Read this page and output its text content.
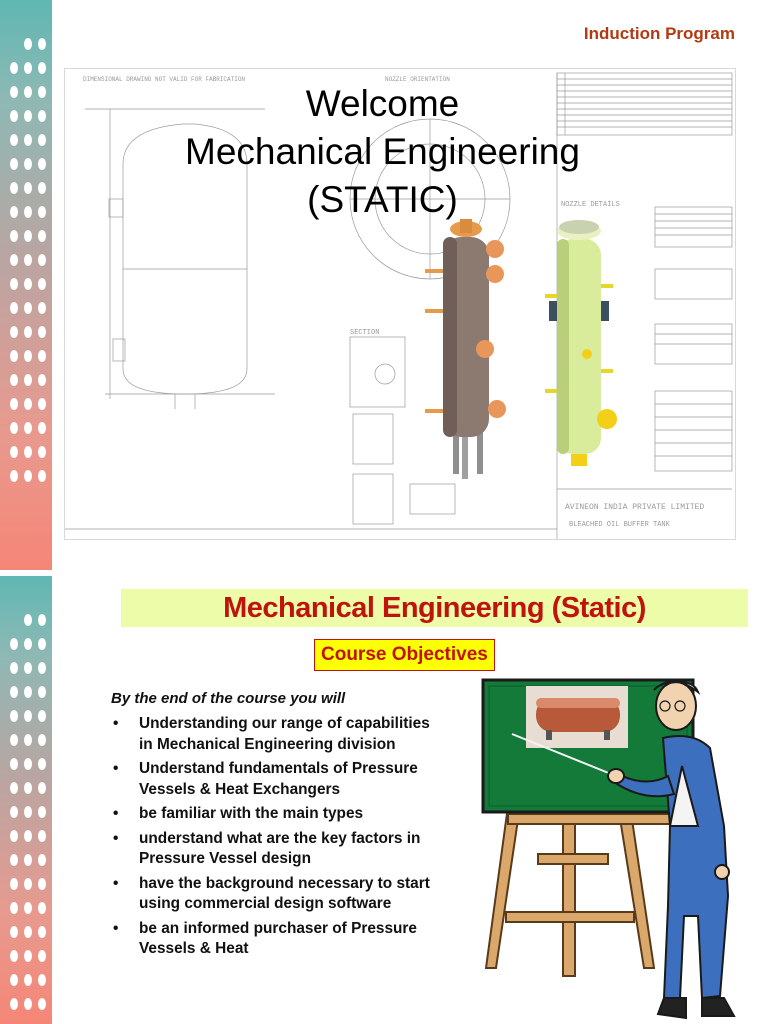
Induction Program
DIMENSIONAL DRAWING NOT VALID FOR FABRICATION	NOZZLE ORIENTATION
NOZZLE DETAILS
SECTION
AVINEON INDIA PRIVATE LIMITED
BLEACHED OIL BUFFER TANK
Welcome
Mechanical Engineering
(STATIC)
Mechanical Engineering (Static)
Course Objectives
By the end of the course you will
• Understanding our range of capabilities in Mechanical Engineering division
• Understand fundamentals of Pressure Vessels & Heat Exchangers
• be familiar with the main types
• understand what are the key factors in Pressure Vessel design
• have the background necessary to start using commercial design software
• be an informed purchaser of Pressure Vessels & Heat
